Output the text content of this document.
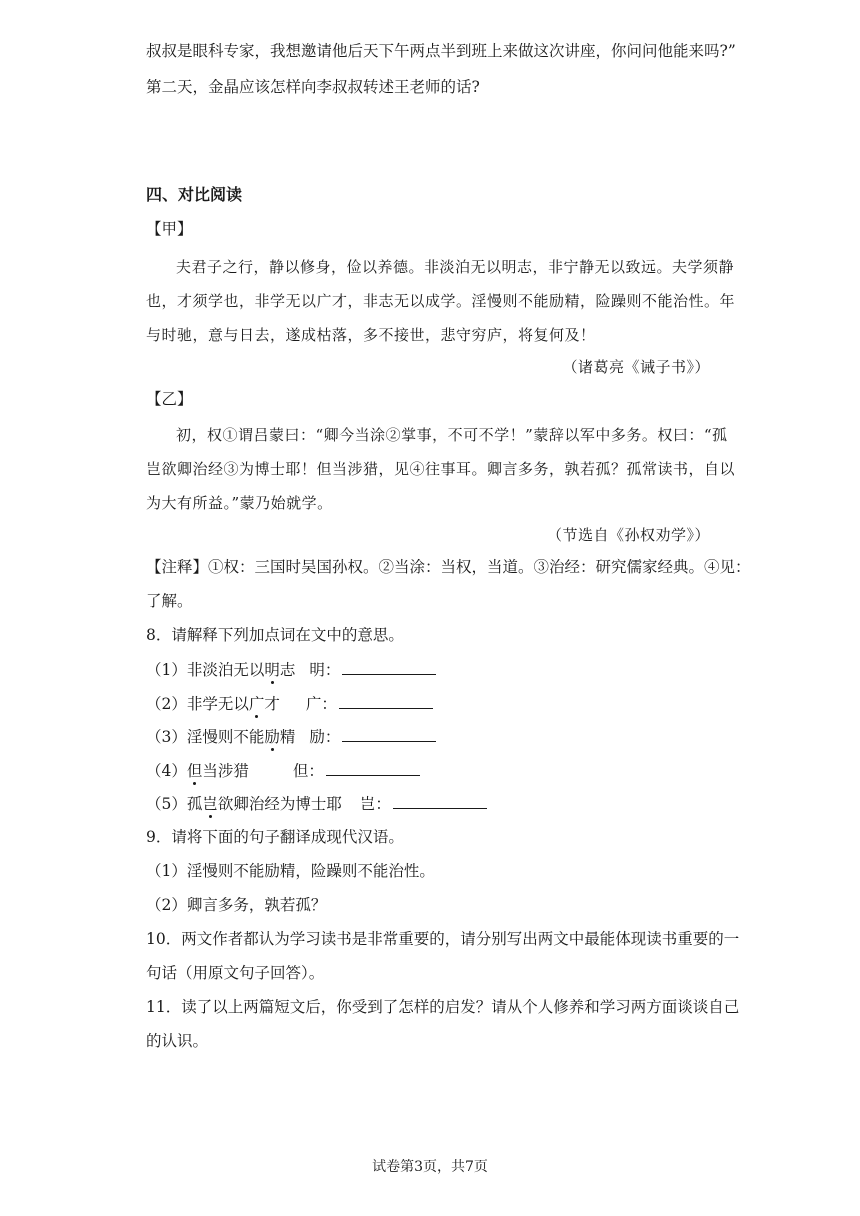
叔叔是眼科专家，我想邀请他后天下午两点半到班上来做这次讲座，你问问他能来吗?”
第二天，金晶应该怎样向李叔叔转述王老师的话?
四、对比阅读
【甲】
夫君子之行，静以修身，俭以养德。非淡泊无以明志，非宁静无以致远。夫学须静
也，才须学也，非学无以广才，非志无以成学。淫慢则不能励精，险躁则不能治性。年
与时驰，意与日去，遂成枯落，多不接世，悲守穷庐，将复何及！
（诸葛亮《诫子书》）
【乙】
初，权①谓吕蒙曰：“卿今当涂②掌事，不可不学！”蒙辞以军中多务。权曰：“孤
岂欲卿治经③为博士耶！但当涉猎，见④往事耳。卿言多务，孰若孤？孤常读书，自以
为大有所益。”蒙乃始就学。
（节选自《孙权劝学》）
【注释】①权：三国时吴国孙权。②当涂：当权，当道。③治经：研究儒家经典。④见：
了解。
8．请解释下列加点词在文中的意思。
（1）非淡泊无以明志 明：
（2）非学无以广才 广：
（3）淫慢则不能励精 励：
（4）但当涉猎	但：
（5）孤岂欲卿治经为博士耶 岂：
9．请将下面的句子翻译成现代汉语。
（1）淫慢则不能励精，险躁则不能治性。
（2）卿言多务，孰若孤？
10．两文作者都认为学习读书是非常重要的，请分别写出两文中最能体现读书重要的一
句话（用原文句子回答）。
11．读了以上两篇短文后，你受到了怎样的启发？请从个人修养和学习两方面谈谈自己
的认识。
试卷第3页，共7页
